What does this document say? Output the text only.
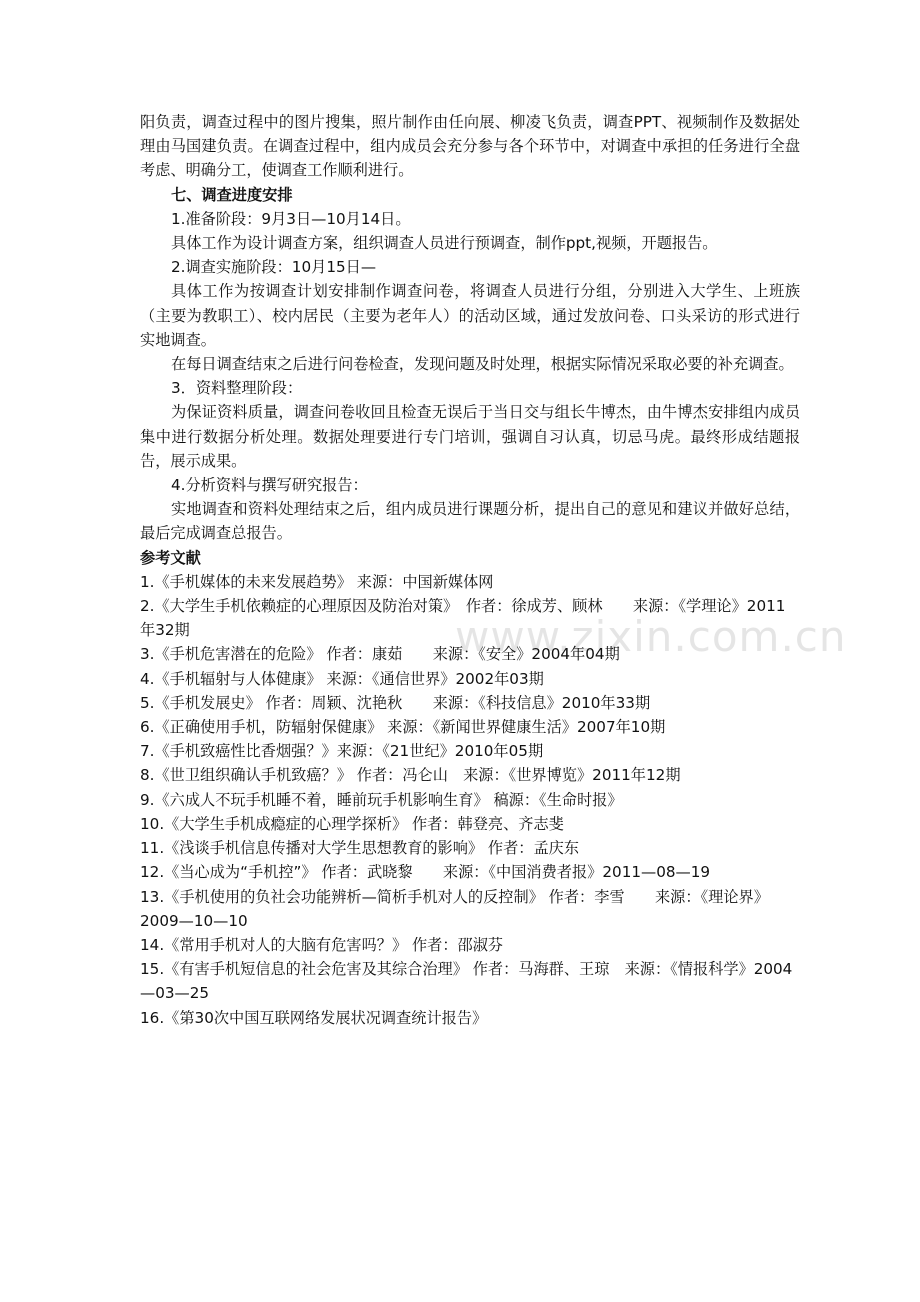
www.zixin.com.cn

阳负责，调查过程中的图片搜集，照片制作由任向展、柳凌飞负责，调查PPT、视频制作及数据处理由马国建负责。在调查过程中，组内成员会充分参与各个环节中，对调查中承担的任务进行全盘考虑、明确分工，使调查工作顺利进行。

七、调查进度安排

1.准备阶段：9月3日—10月14日。

具体工作为设计调查方案，组织调查人员进行预调查，制作ppt,视频，开题报告。

2.调查实施阶段：10月15日—

具体工作为按调查计划安排制作调查问卷，将调查人员进行分组，分别进入大学生、上班族（主要为教职工）、校内居民（主要为老年人）的活动区域，通过发放问卷、口头采访的形式进行实地调查。

在每日调查结束之后进行问卷检查，发现问题及时处理，根据实际情况采取必要的补充调查。

3．资料整理阶段：

为保证资料质量，调查问卷收回且检查无误后于当日交与组长牛博杰，由牛博杰安排组内成员集中进行数据分析处理。数据处理要进行专门培训，强调自习认真，切忌马虎。最终形成结题报告，展示成果。

4.分析资料与撰写研究报告：

实地调查和资料处理结束之后，组内成员进行课题分析，提出自己的意见和建议并做好总结，最后完成调查总报告。

参考文献

1.《手机媒体的未来发展趋势》 来源：中国新媒体网

2.《大学生手机依赖症的心理原因及防治对策》　作者：徐成芳、顾林　　来源：《学理论》2011年32期

3.《手机危害潜在的危险》 作者：康茹　　来源：《安全》2004年04期

4.《手机辐射与人体健康》 来源：《通信世界》2002年03期

5.《手机发展史》 作者：周颖、沈艳秋　　来源：《科技信息》2010年33期

6.《正确使用手机，防辐射保健康》 来源：《新闻世界健康生活》2007年10期

7.《手机致癌性比香烟强？》来源：《21世纪》2010年05期

8.《世卫组织确认手机致癌？》 作者：冯仑山　来源：《世界博览》2011年12期

9.《六成人不玩手机睡不着，睡前玩手机影响生育》 稿源：《生命时报》

10.《大学生手机成瘾症的心理学探析》 作者：韩登亮、齐志斐

11.《浅谈手机信息传播对大学生思想教育的影响》 作者：孟庆东

12.《当心成为“手机控”》 作者：武晓黎　　来源：《中国消费者报》2011—08—19

13.《手机使用的负社会功能辨析—简析手机对人的反控制》 作者：李雪　　来源：《理论界》2009—10—10

14.《常用手机对人的大脑有危害吗？》 作者：邵淑芬

15.《有害手机短信息的社会危害及其综合治理》 作者：马海群、王琼　来源：《情报科学》2004—03—25

16.《第30次中国互联网络发展状况调查统计报告》
